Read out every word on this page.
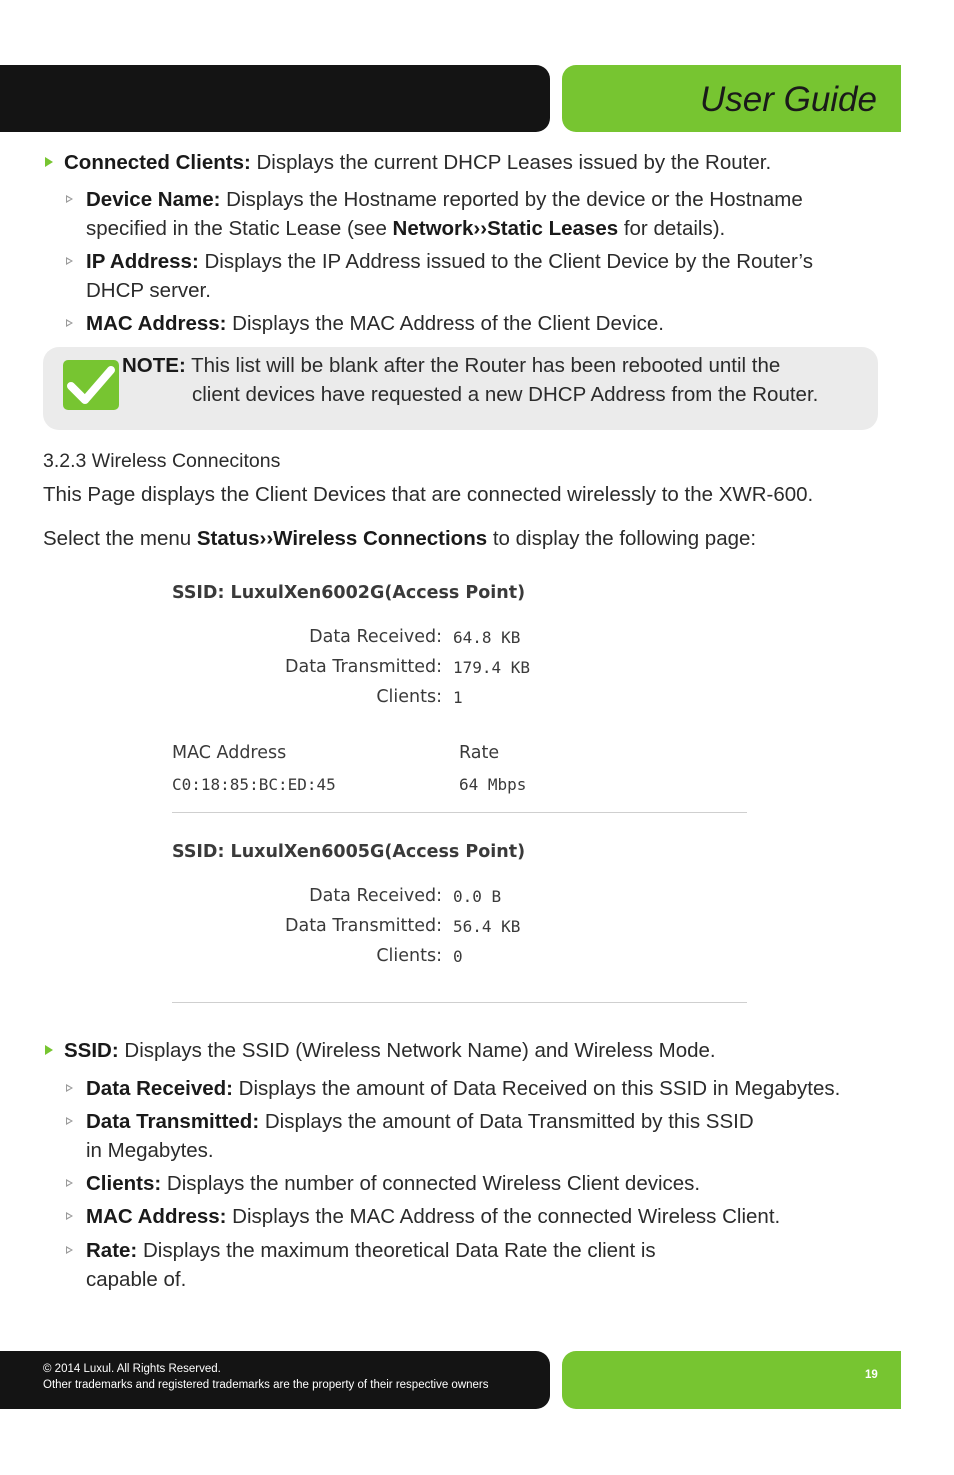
User Guide
Connected Clients: Displays the current DHCP Leases issued by the Router.
Device Name: Displays the Hostname reported by the device or the Hostname
specified in the Static Lease (see Network››Static Leases for details).
IP Address: Displays the IP Address issued to the Client Device by the Router’s
DHCP server.
MAC Address: Displays the MAC Address of the Client Device.
NOTE: This list will be blank after the Router has been rebooted until the
client devices have requested a new DHCP Address from the Router.
3.2.3 Wireless Connecitons
This Page displays the Client Devices that are connected wirelessly to the XWR-600.
Select the menu Status››Wireless Connections to display the following page:
SSID: LuxulXen6002G(Access Point)
Data Received: 64.8 KB
Data Transmitted: 179.4 KB
Clients: 1
MAC Address	Rate
C0:18:85:BC:ED:45	64 Mbps
SSID: LuxulXen6005G(Access Point)
Data Received: 0.0 B
Data Transmitted: 56.4 KB
Clients: 0
SSID: Displays the SSID (Wireless Network Name) and Wireless Mode.
Data Received: Displays the amount of Data Received on this SSID in Megabytes.
Data Transmitted: Displays the amount of Data Transmitted by this SSID
in Megabytes.
Clients: Displays the number of connected Wireless Client devices.
MAC Address: Displays the MAC Address of the connected Wireless Client.
Rate: Displays the maximum theoretical Data Rate the client is
capable of.
© 2014 Luxul. All Rights Reserved.
Other trademarks and registered trademarks are the property of their respective owners
19
